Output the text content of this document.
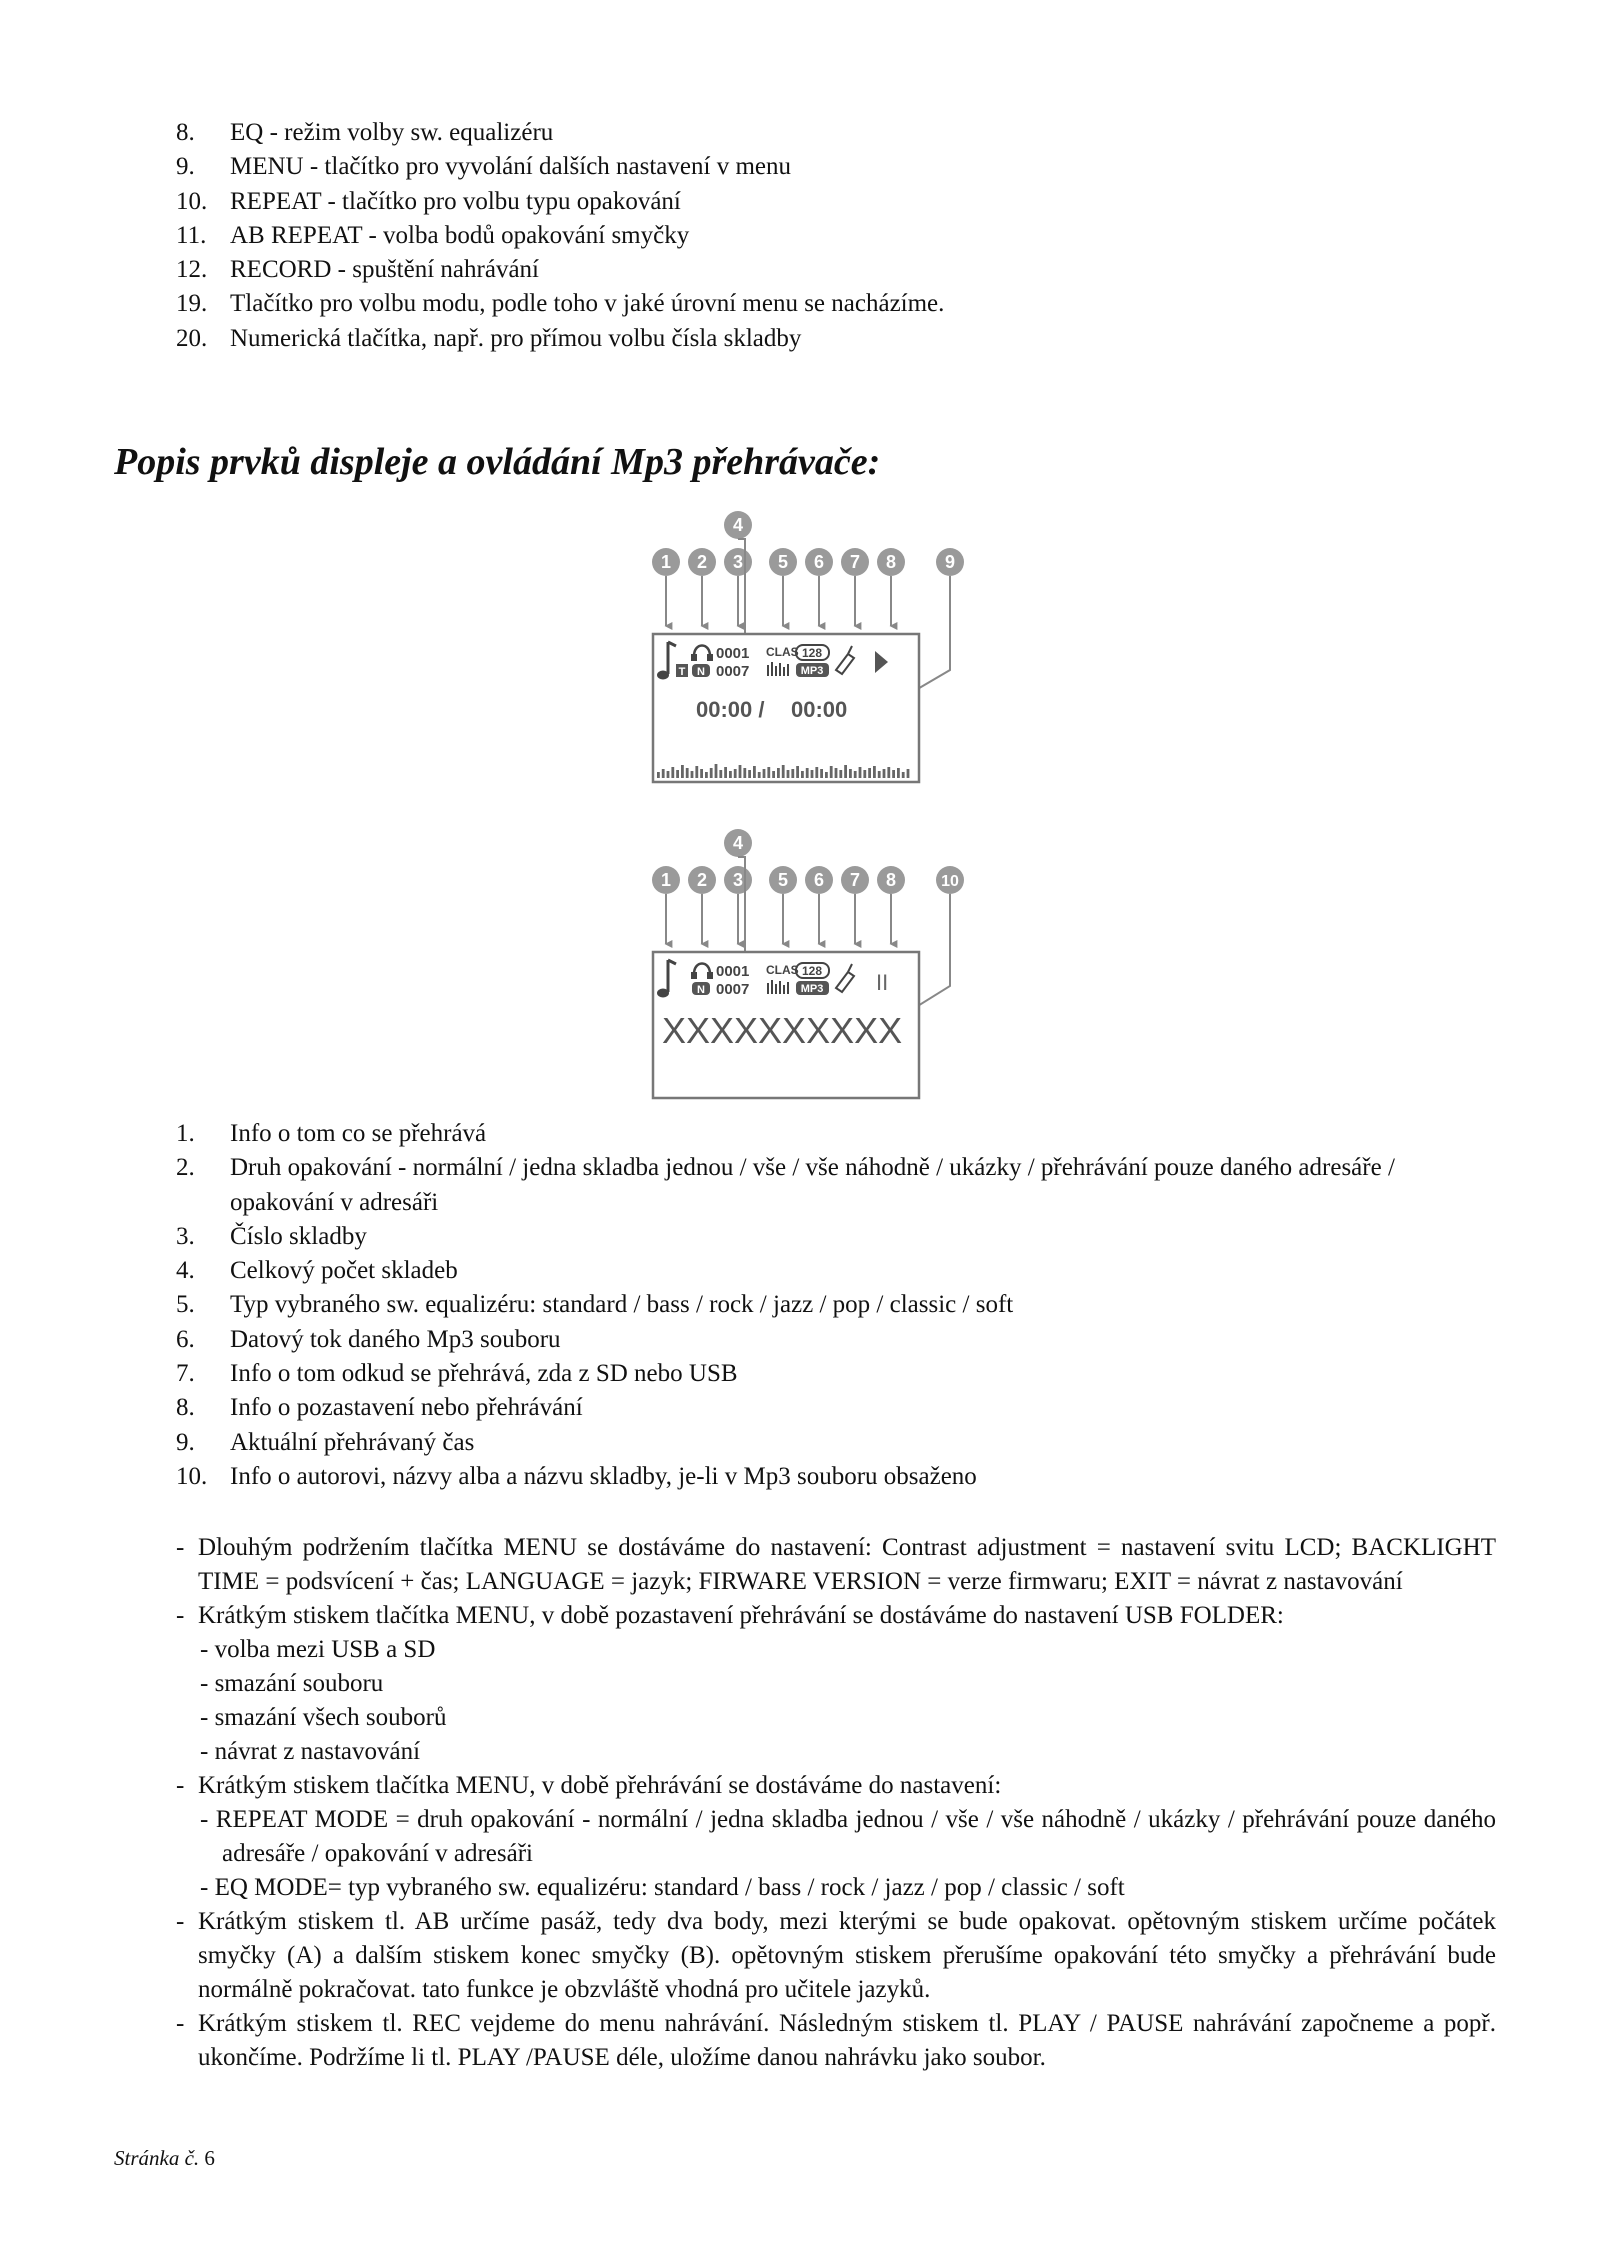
8. EQ - režim volby sw. equalizéru
9. MENU - tlačítko pro vyvolání dalších nastavení v menu
10. REPEAT - tlačítko pro volbu typu opakování
11. AB REPEAT - volba bodů opakování smyčky
12. RECORD - spuštění nahrávání
19. Tlačítko pro volbu modu, podle toho v jaké úrovní menu se nacházíme.
20. Numerická tlačítka, např. pro přímou volbu čísla skladby
Popis prvků displeje a ovládání Mp3 přehrávače:
4
1 2 3 5 6 7 8	9
T N
0001
0007
CLAS 128
MP3
00:00 / 00:00
4
1 2 3 5 6 7 8	10
N
0001
0007
CLAS 128
MP3 II
XXXXXXXXXX
1. Info o tom co se přehrává
2. Druh opakování - normální / jedna skladba jednou / vše / vše náhodně / ukázky / přehrávání pouze daného adresáře / opakování v adresáři
3. Číslo skladby
4. Celkový počet skladeb
5. Typ vybraného sw. equalizéru: standard / bass / rock / jazz / pop / classic / soft
6. Datový tok daného Mp3 souboru
7. Info o tom odkud se přehrává, zda z SD nebo USB
8. Info o pozastavení nebo přehrávání
9. Aktuální přehrávaný čas
10. Info o autorovi, názvy alba a názvu skladby, je-li v Mp3 souboru obsaženo
- Dlouhým podržením tlačítka MENU se dostáváme do nastavení: Contrast adjustment = nastavení svitu LCD; BACKLIGHT TIME = podsvícení + čas; LANGUAGE = jazyk; FIRWARE VERSION = verze firmwaru; EXIT = návrat z nastavování
- Krátkým stiskem tlačítka MENU, v době pozastavení přehrávání se dostáváme do nastavení USB FOLDER:
- volba mezi USB a SD
- smazání souboru
- smazání všech souborů
- návrat z nastavování
- Krátkým stiskem tlačítka MENU, v době přehrávání se dostáváme do nastavení:
- REPEAT MODE = druh opakování - normální / jedna skladba jednou / vše / vše náhodně / ukázky / přehrávání pouze daného adresáře / opakování v adresáři
- EQ MODE= typ vybraného sw. equalizéru: standard / bass / rock / jazz / pop / classic / soft
- Krátkým stiskem tl. AB určíme pasáž, tedy dva body, mezi kterými se bude opakovat. opětovným stiskem určíme počátek smyčky (A) a dalším stiskem konec smyčky (B). opětovným stiskem přerušíme opakování této smyčky a přehrávání bude normálně pokračovat. tato funkce je obzvláště vhodná pro učitele jazyků.
- Krátkým stiskem tl. REC vejdeme do menu nahrávání. Následným stiskem tl. PLAY / PAUSE nahrávání započneme a popř. ukončíme. Podržíme li tl. PLAY /PAUSE déle, uložíme danou nahrávku jako soubor.
Stránka č. 6
